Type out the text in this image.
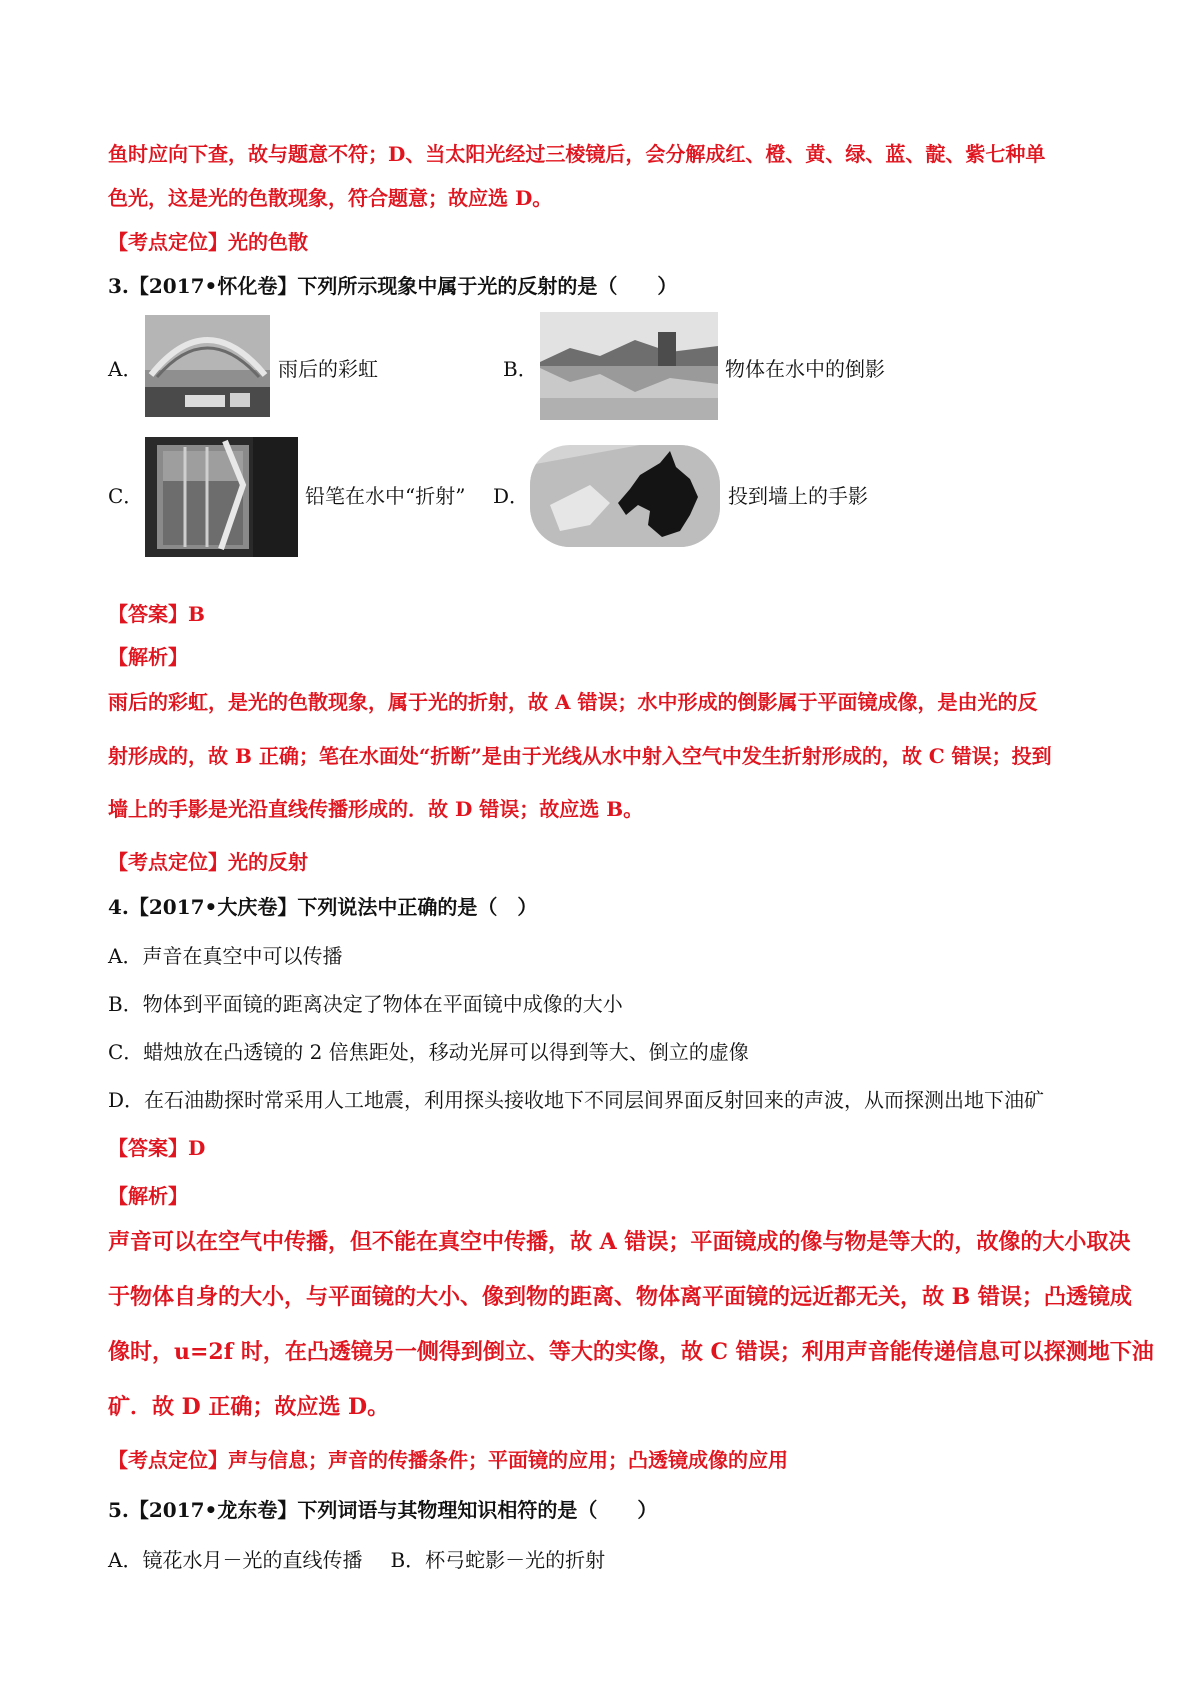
鱼时应向下查，故与题意不符；D、当太阳光经过三棱镜后，会分解成红、橙、黄、绿、蓝、靛、紫七种单
色光，这是光的色散现象，符合题意；故应选 D。
【考点定位】光的色散
3.【2017•怀化卷】下列所示现象中属于光的反射的是（　　）
A．	雨后的彩虹	B．	物体在水中的倒影
C．	铅笔在水中“折射” D．	投到墙上的手影
【答案】B
【解析】
雨后的彩虹，是光的色散现象，属于光的折射，故 A 错误；水中形成的倒影属于平面镜成像，是由光的反
射形成的，故 B 正确；笔在水面处“折断”是由于光线从水中射入空气中发生折射形成的，故 C 错误；投到
墙上的手影是光沿直线传播形成的．故 D 错误；故应选 B。
【考点定位】光的反射
4.【2017•大庆卷】下列说法中正确的是（　）
A．声音在真空中可以传播
B．物体到平面镜的距离决定了物体在平面镜中成像的大小
C．蜡烛放在凸透镜的 2 倍焦距处，移动光屏可以得到等大、倒立的虚像
D．在石油勘探时常采用人工地震，利用探头接收地下不同层间界面反射回来的声波，从而探测出地下油矿
【答案】D
【解析】
声音可以在空气中传播，但不能在真空中传播，故 A 错误；平面镜成的像与物是等大的，故像的大小取决
于物体自身的大小，与平面镜的大小、像到物的距离、物体离平面镜的远近都无关，故 B 错误；凸透镜成
像时，u=2f 时，在凸透镜另一侧得到倒立、等大的实像，故 C 错误；利用声音能传递信息可以探测地下油
矿．故 D 正确；故应选 D。
【考点定位】声与信息；声音的传播条件；平面镜的应用；凸透镜成像的应用
5.【2017•龙东卷】下列词语与其物理知识相符的是（　　）
A．镜花水月－光的直线传播 B．杯弓蛇影－光的折射
